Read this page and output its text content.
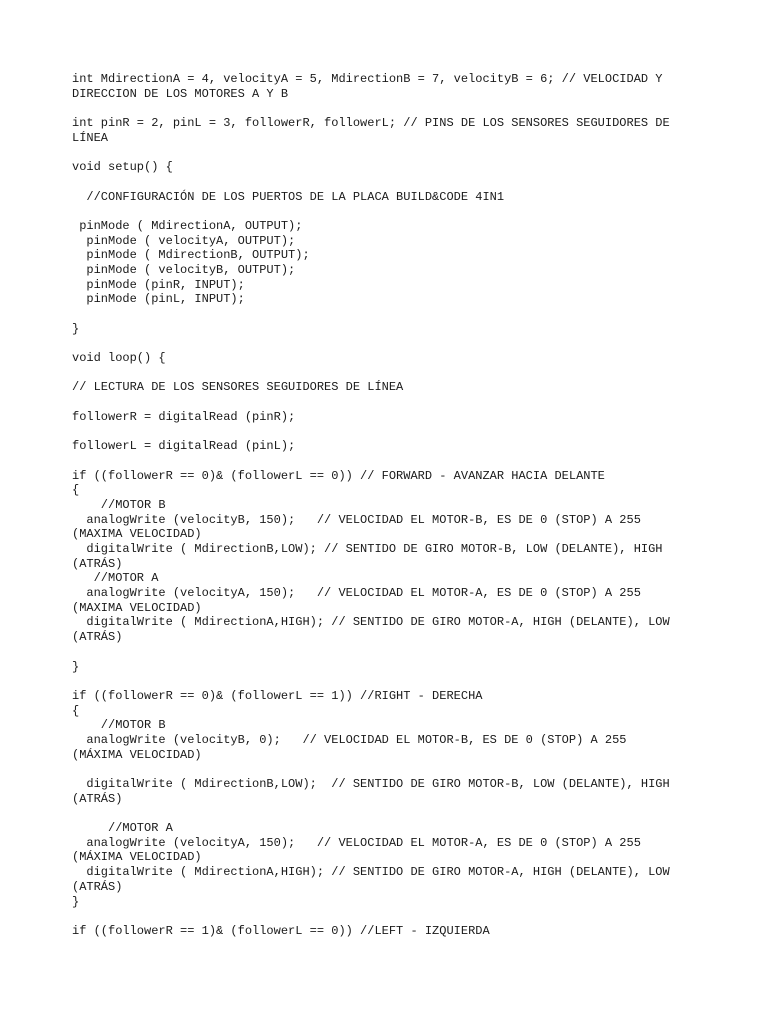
int MdirectionA = 4, velocityA = 5, MdirectionB = 7, velocityB = 6; // VELOCIDAD Y
DIRECCION DE LOS MOTORES A Y B
int pinR = 2, pinL = 3, followerR, followerL; // PINS DE LOS SENSORES SEGUIDORES DE
LÍNEA
void setup() {
//CONFIGURACIÓN DE LOS PUERTOS DE LA PLACA BUILD&CODE 4IN1
pinMode ( MdirectionA, OUTPUT);
pinMode ( velocityA, OUTPUT);
pinMode ( MdirectionB, OUTPUT);
pinMode ( velocityB, OUTPUT);
pinMode (pinR, INPUT);
pinMode (pinL, INPUT);
}
void loop() {
// LECTURA DE LOS SENSORES SEGUIDORES DE LÍNEA
followerR = digitalRead (pinR);
followerL = digitalRead (pinL);
if ((followerR == 0)& (followerL == 0)) // FORWARD - AVANZAR HACIA DELANTE
{
//MOTOR B
analogWrite (velocityB, 150);   // VELOCIDAD EL MOTOR-B, ES DE 0 (STOP) A 255
(MAXIMA VELOCIDAD)
digitalWrite ( MdirectionB,LOW); // SENTIDO DE GIRO MOTOR-B, LOW (DELANTE), HIGH
(ATRÁS)
//MOTOR A
analogWrite (velocityA, 150);   // VELOCIDAD EL MOTOR-A, ES DE 0 (STOP) A 255
(MAXIMA VELOCIDAD)
digitalWrite ( MdirectionA,HIGH); // SENTIDO DE GIRO MOTOR-A, HIGH (DELANTE), LOW
(ATRÁS)
}
if ((followerR == 0)& (followerL == 1)) //RIGHT - DERECHA
{
//MOTOR B
analogWrite (velocityB, 0);   // VELOCIDAD EL MOTOR-B, ES DE 0 (STOP) A 255
(MÁXIMA VELOCIDAD)
digitalWrite ( MdirectionB,LOW);  // SENTIDO DE GIRO MOTOR-B, LOW (DELANTE), HIGH
(ATRÁS)
//MOTOR A
analogWrite (velocityA, 150);   // VELOCIDAD EL MOTOR-A, ES DE 0 (STOP) A 255
(MÁXIMA VELOCIDAD)
digitalWrite ( MdirectionA,HIGH); // SENTIDO DE GIRO MOTOR-A, HIGH (DELANTE), LOW
(ATRÁS)
}
if ((followerR == 1)& (followerL == 0)) //LEFT - IZQUIERDA
